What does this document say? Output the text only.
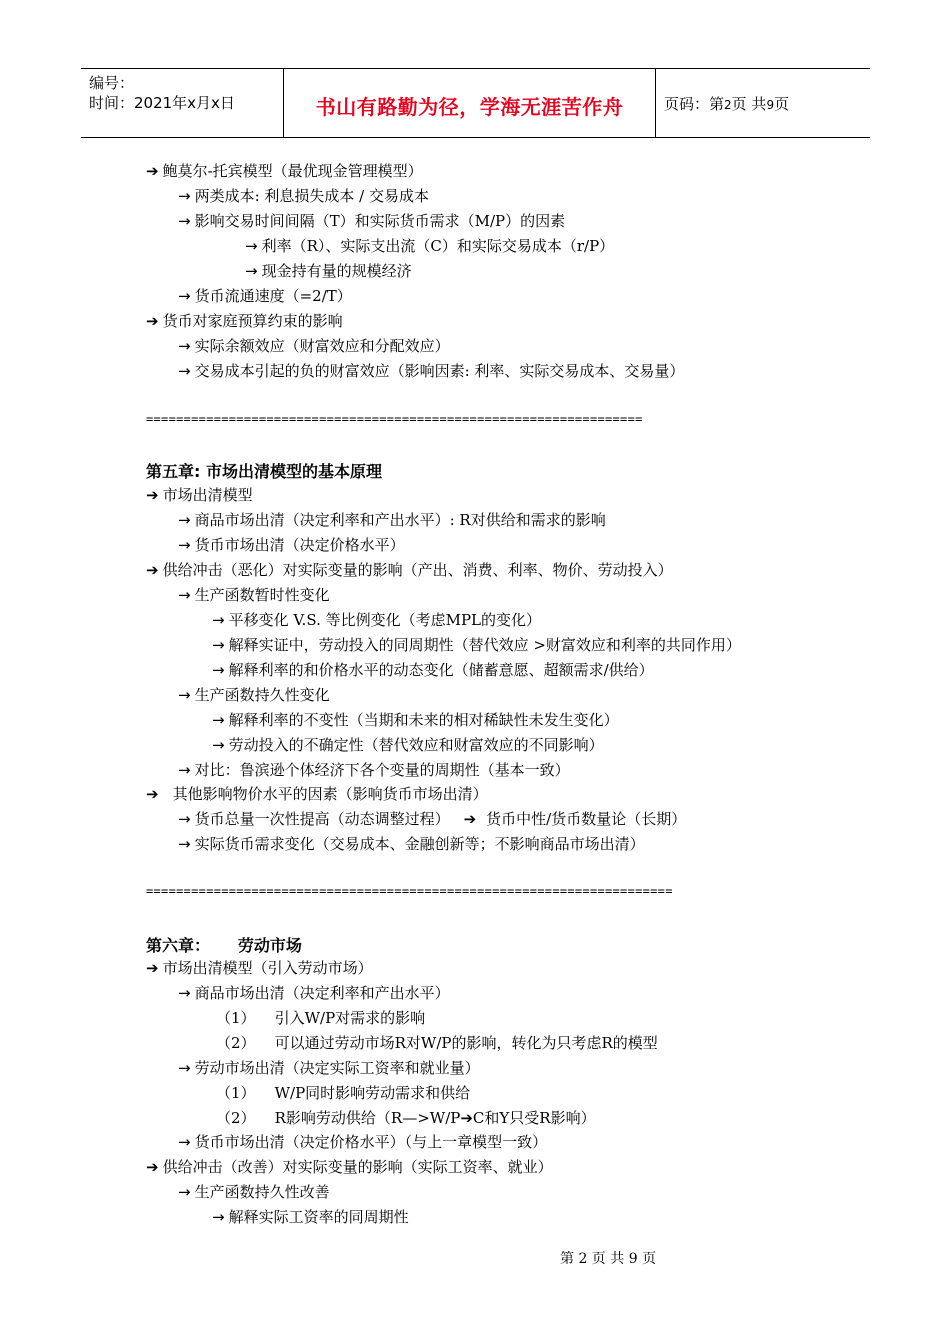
编号：
时间：2021年x月x日	书山有路勤为径，学海无涯苦作舟	页码：第2页 共9页
➔ 鲍莫尔-托宾模型（最优现金管理模型）
→ 两类成本: 利息损失成本 / 交易成本
→ 影响交易时间间隔（T）和实际货币需求（M/P）的因素
→ 利率（R）、实际支出流（C）和实际交易成本（r/P）
→ 现金持有量的规模经济
→ 货币流通速度（=2/T）
➔ 货币对家庭预算约束的影响
→ 实际余额效应（财富效应和分配效应）
→ 交易成本引起的负的财富效应（影响因素: 利率、实际交易成本、交易量）
==================================================================
第五章: 市场出清模型的基本原理
➔ 市场出清模型
→ 商品市场出清（决定利率和产出水平）: R对供给和需求的影响
→ 货币市场出清（决定价格水平）
➔ 供给冲击（恶化）对实际变量的影响（产出、消费、利率、物价、劳动投入）
→ 生产函数暂时性变化
→ 平移变化 V.S. 等比例变化（考虑MPL的变化）
→ 解释实证中，劳动投入的同周期性（替代效应 >财富效应和利率的共同作用）
→ 解释利率的和价格水平的动态变化（储蓄意愿、超额需求/供给）
→ 生产函数持久性变化
→ 解释利率的不变性（当期和未来的相对稀缺性未发生变化）
→ 劳动投入的不确定性（替代效应和财富效应的不同影响）
→ 对比：鲁滨逊个体经济下各个变量的周期性（基本一致）
➔ 其他影响物价水平的因素（影响货币市场出清）
→ 货币总量一次性提高（动态调整过程） ➔ 货币中性/货币数量论（长期）
→ 实际货币需求变化（交易成本、金融创新等；不影响商品市场出清）
======================================================================
第六章：     劳动市场
➔ 市场出清模型（引入劳动市场）
→ 商品市场出清（决定利率和产出水平）
（1）    引入W/P对需求的影响
（2）    可以通过劳动市场R对W/P的影响，转化为只考虑R的模型
→ 劳动市场出清（决定实际工资率和就业量）
（1）    W/P同时影响劳动需求和供给
（2）    R影响劳动供给（R—>W/P➔C和Y只受R影响）
→ 货币市场出清（决定价格水平）（与上一章模型一致）
➔ 供给冲击（改善）对实际变量的影响（实际工资率、就业）
→ 生产函数持久性改善
→ 解释实际工资率的同周期性
第 2 页 共 9 页
